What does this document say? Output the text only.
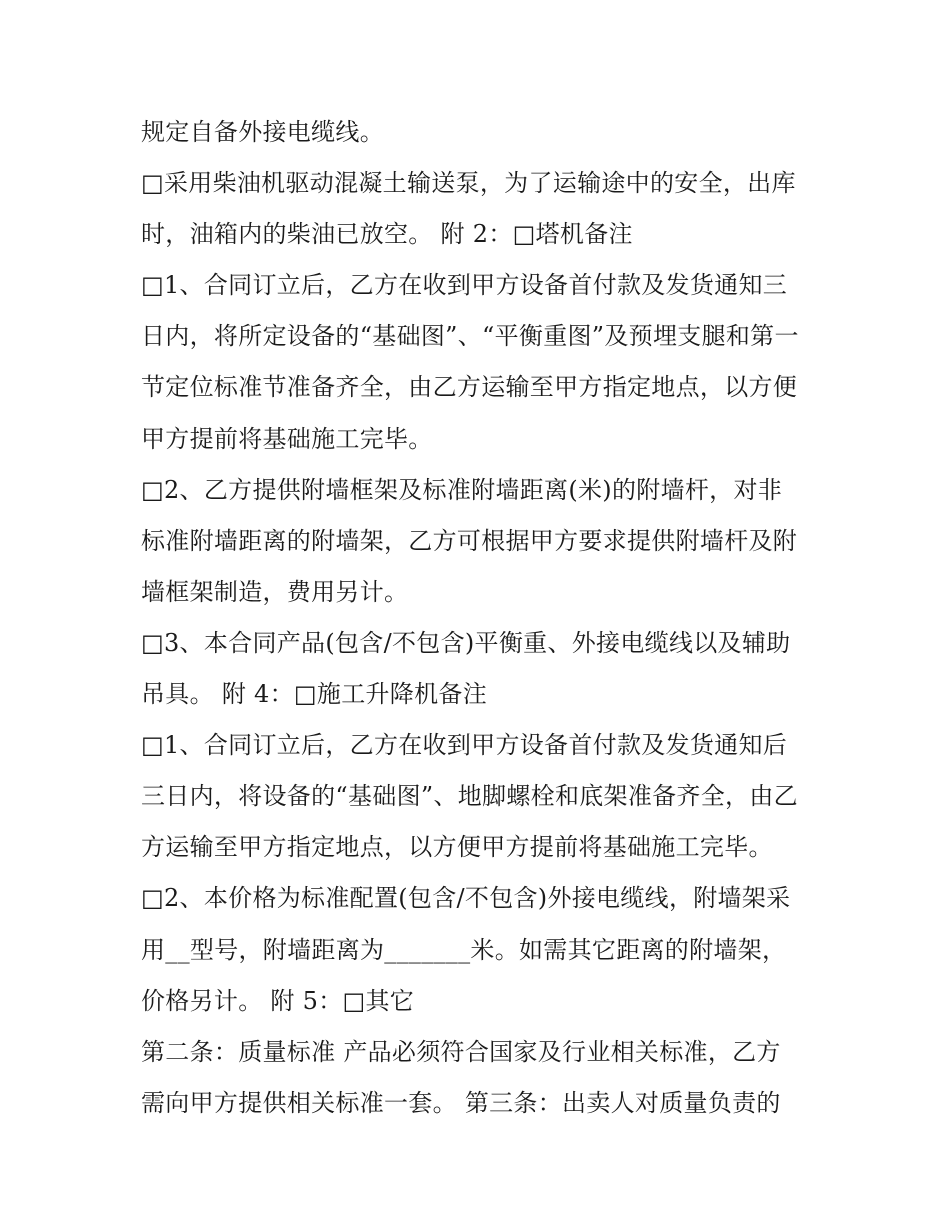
规定自备外接电缆线。
□采用柴油机驱动混凝土输送泵，为了运输途中的安全，出库
时，油箱内的柴油已放空。 附 2：□塔机备注
□1、合同订立后，乙方在收到甲方设备首付款及发货通知三
日内，将所定设备的“基础图”、“平衡重图”及预埋支腿和第一
节定位标准节准备齐全，由乙方运输至甲方指定地点，以方便
甲方提前将基础施工完毕。
□2、乙方提供附墙框架及标准附墙距离(米)的附墙杆，对非
标准附墙距离的附墙架，乙方可根据甲方要求提供附墙杆及附
墙框架制造，费用另计。
□3、本合同产品(包含/不包含)平衡重、外接电缆线以及辅助
吊具。 附 4：□施工升降机备注
□1、合同订立后，乙方在收到甲方设备首付款及发货通知后
三日内，将设备的“基础图”、地脚螺栓和底架准备齐全，由乙
方运输至甲方指定地点，以方便甲方提前将基础施工完毕。
□2、本价格为标准配置(包含/不包含)外接电缆线，附墙架采
用__型号，附墙距离为_______米。如需其它距离的附墙架，
价格另计。 附 5：□其它
第二条：质量标准 产品必须符合国家及行业相关标准，乙方
需向甲方提供相关标准一套。 第三条：出卖人对质量负责的
